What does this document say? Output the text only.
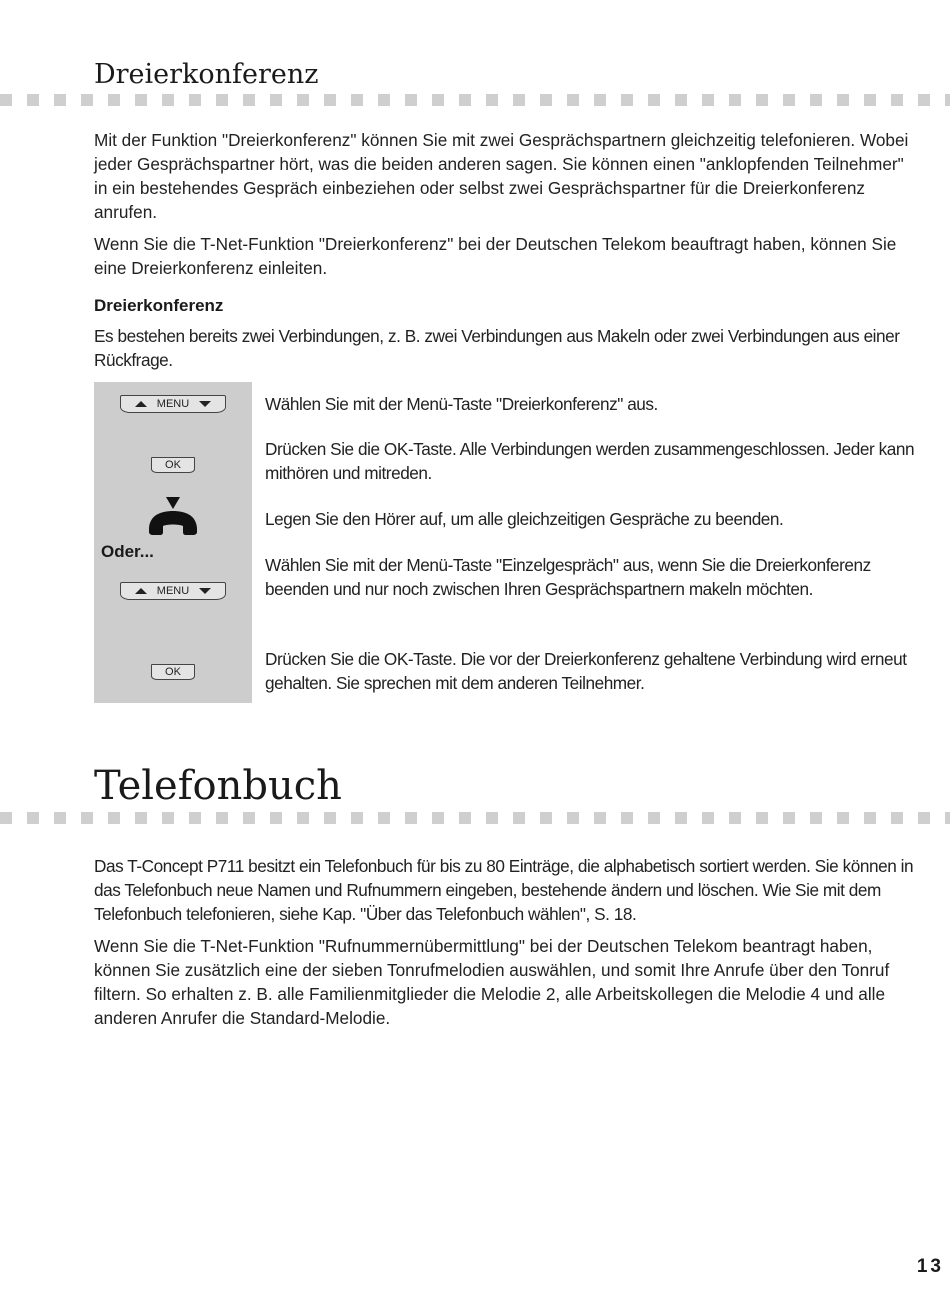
Dreierkonferenz

Mit der Funktion "Dreierkonferenz" können Sie mit zwei Gesprächspartnern gleichzeitig telefonieren. Wobei jeder Gesprächspartner hört, was die beiden anderen sagen. Sie können einen "anklopfenden Teilnehmer" in ein bestehendes Gespräch einbeziehen oder selbst zwei Gesprächspartner für die Dreierkonferenz anrufen.

Wenn Sie die T-Net-Funktion "Dreierkonferenz" bei der Deutschen Telekom beauftragt haben, können Sie eine Dreierkonferenz einleiten.

Dreierkonferenz

Es bestehen bereits zwei Verbindungen, z. B. zwei Verbindungen aus Makeln oder zwei Verbindungen aus einer Rückfrage.

MENU
OK

Oder...

MENU
OK

Wählen Sie mit der Menü-Taste "Dreierkonferenz" aus.

Drücken Sie die OK-Taste. Alle Verbindungen werden zusammengeschlossen. Jeder kann mithören und mitreden.

Legen Sie den Hörer auf, um alle gleichzeitigen Gespräche zu beenden.

Wählen Sie mit der Menü-Taste "Einzelgespräch" aus, wenn Sie die Dreierkonferenz beenden und nur noch zwischen Ihren Gesprächspartnern makeln möchten.

Drücken Sie die OK-Taste. Die vor der Dreierkonferenz gehaltene Verbindung wird erneut gehalten. Sie sprechen mit dem anderen Teilnehmer.

Telefonbuch

Das T-Concept P711 besitzt ein Telefonbuch für bis zu 80 Einträge, die alphabetisch sortiert werden. Sie können in das Telefonbuch neue Namen und Rufnummern eingeben, bestehende ändern und löschen. Wie Sie mit dem Telefonbuch telefonieren, siehe Kap. "Über das Telefonbuch wählen", S. 18.

Wenn Sie die T-Net-Funktion "Rufnummernübermittlung" bei der Deutschen Telekom beantragt haben, können Sie zusätzlich eine der sieben Tonrufmelodien auswählen, und somit Ihre Anrufe über den Tonruf filtern. So erhalten z. B. alle Familienmitglieder die Melodie 2, alle Arbeitskollegen die Melodie 4 und alle anderen Anrufer die Standard-Melodie.

13
